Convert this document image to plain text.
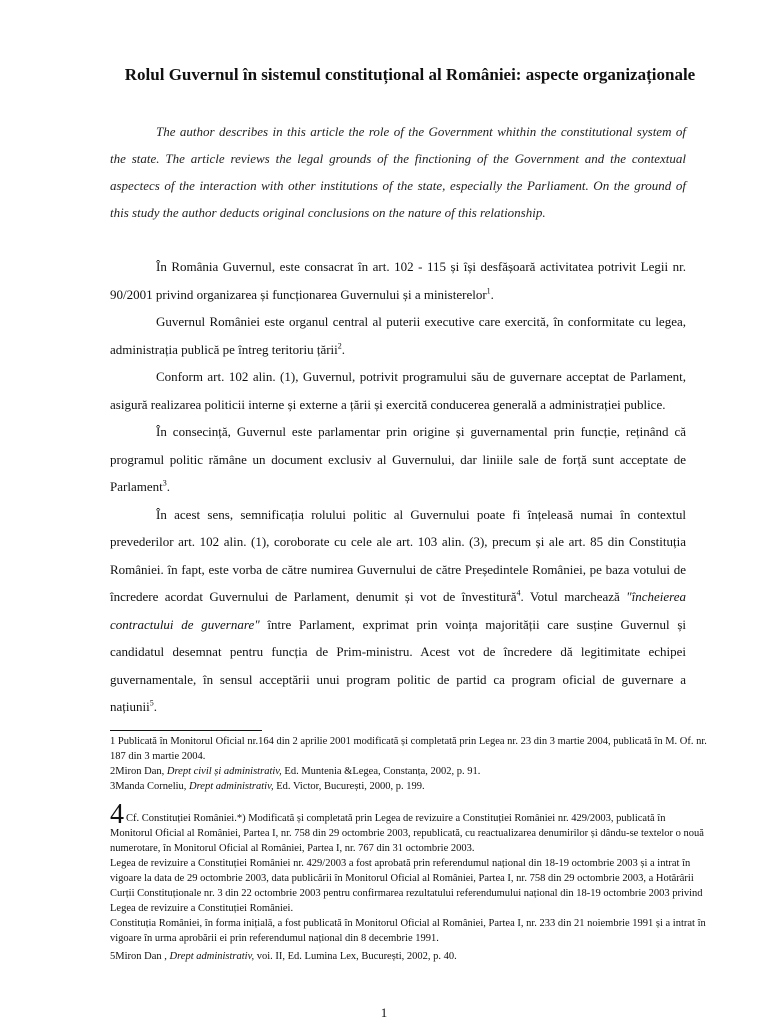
Rolul Guvernul în sistemul constituțional al României: aspecte organizaționale
The author describes in this article the role of the Government whithin the constitutional system of the state. The article reviews the legal grounds of the finctioning of the Government and the contextual aspectecs of the interaction with other institutions of the state, especially the Parlіament. On the ground of this study the author deducts original conclusions on the nature of this relationship.

În România Guvernul, este consacrat în art. 102 - 115 și își desfășoară activitatea potrivit Legii nr. 90/2001 privind organizarea și funcționarea Guvernului și a ministerelor$^1$.

Guvernul României este organul central al puterii executive care exercită, în conformitate cu legea, administrația publică pe întreg teritoriu țării$^2$.

Conform art. 102 alin. (1), Guvernul, potrivit programului său de guvernare acceptat de Parlament, asigură realizarea politicii interne și externe a țării și exercită conducerea generală a administrației publice.

În consecință, Guvernul este parlamentar prin origine și guvernamental prin funcție, reținând că programul politic rămâne un document exclusiv al Guvernului, dar liniile sale de forță sunt acceptate de Parlament$^3$.

În acest sens, semnificația rolului politic al Guvernului poate fi înțeleasă numai în contextul prevederilor art. 102 alin. (1), coroborate cu cele ale art. 103 alin. (3), precum și ale art. 85 din Constituția României. în fapt, este vorba de către numirea Guvernului de către Președintele României, pe baza votului de încredere acordat Guvernului de Parlament, denumit și vot de învestitură$^4$. Votul marchează "încheierea contractului de guvernare" între Parlament, exprimat prin voința majorității care susține Guvernul și candidatul desemnat pentru funcția de Prim-ministru. Acest vot de încredere dă legitimitate echipei guvernamentale, în sensul acceptării unui program politic de partid ca program oficial de guvernare a națiunii$^5$.

1 Publicată în Monitorul Oficial nr.164 din 2 aprilie 2001 modificată și completată prin Legea nr. 23 din 3 martie 2004, publicată în M. Of. nr. 187 din 3 martie 2004.

2Miron Dan, Drept civil și administrativ, Ed. Muntenia &Legea, Constanța, 2002, p. 91.

3Manda Corneliu, Drept administrativ, Ed. Victor, București, 2000, p. 199.

4 Cf. Constituției României.*) Modificată și completată prin Legea de revizuire a Constituției României nr. 429/2003, publicată în Monitorul Oficial al României, Partea I, nr. 758 din 29 octombrie 2003, republicată, cu reactualizarea denumirilor și dându-se textelor o nouă numerotare, în Monitorul Oficial al României, Partea I, nr. 767 din 31 octombrie 2003.

Legea de revizuire a Constituției României nr. 429/2003 a fost aprobată prin referendumul național din 18-19 octombrie 2003 și a intrat în vigoare la data de 29 octombrie 2003, data publicării în Monitorul Oficial al României, Partea I, nr. 758 din 29 octombrie 2003, a Hotărârii Curții Constituționale nr. 3 din 22 octombrie 2003 pentru confirmarea rezultatului referendumului național din 18-19 octombrie 2003 privind Legea de revizuire a Constituției României.

Constituția României, în forma inițială, a fost publicată în Monitorul Oficial al României, Partea I, nr. 233 din 21 noiembrie 1991 și a intrat în vigoare în urma aprobării ei prin referendumul național din 8 decembrie 1991.

5Miron Dan , Drept administrativ, voi. II, Ed. Lumina Lex, București, 2002, p. 40.

1
